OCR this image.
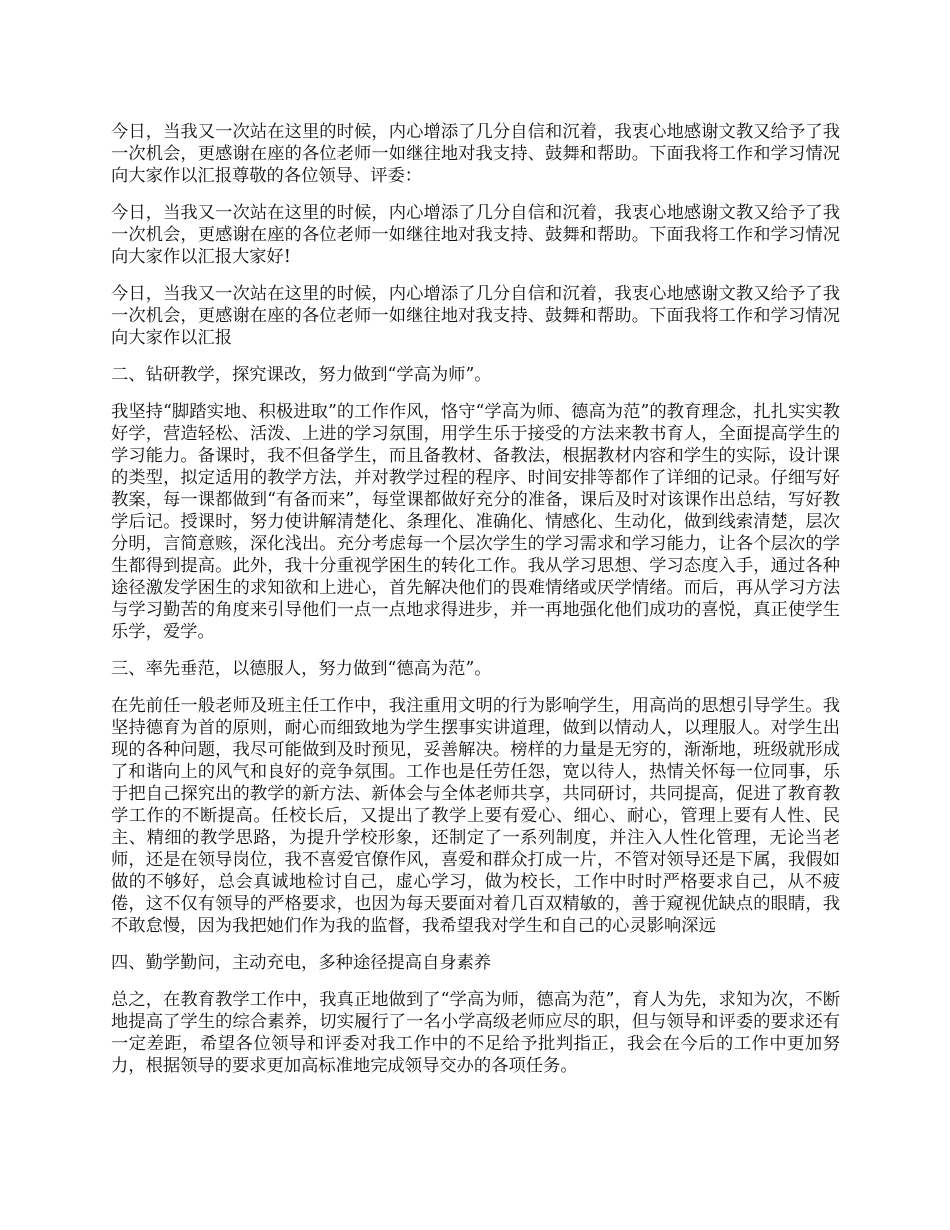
今日，当我又一次站在这里的时候，内心增添了几分自信和沉着，我衷心地感谢文教又给予了我一次机会，更感谢在座的各位老师一如继往地对我支持、鼓舞和帮助。下面我将工作和学习情况向大家作以汇报尊敬的各位领导、评委：

今日，当我又一次站在这里的时候，内心增添了几分自信和沉着，我衷心地感谢文教又给予了我一次机会，更感谢在座的各位老师一如继往地对我支持、鼓舞和帮助。下面我将工作和学习情况向大家作以汇报大家好!

今日，当我又一次站在这里的时候，内心增添了几分自信和沉着，我衷心地感谢文教又给予了我一次机会，更感谢在座的各位老师一如继往地对我支持、鼓舞和帮助。下面我将工作和学习情况向大家作以汇报

二、钻研教学，探究课改，努力做到“学高为师”。

我坚持“脚踏实地、积极进取”的工作作风，恪守“学高为师、德高为范”的教育理念，扎扎实实教好学，营造轻松、活泼、上进的学习氛围，用学生乐于接受的方法来教书育人，全面提高学生的学习能力。备课时，我不但备学生，而且备教材、备教法，根据教材内容和学生的实际，设计课的类型，拟定适用的教学方法，并对教学过程的程序、时间安排等都作了详细的记录。仔细写好教案，每一课都做到“有备而来”，每堂课都做好充分的准备，课后及时对该课作出总结，写好教学后记。授课时，努力使讲解清楚化、条理化、准确化、情感化、生动化，做到线索清楚，层次分明，言简意赅，深化浅出。充分考虑每一个层次学生的学习需求和学习能力，让各个层次的学生都得到提高。此外，我十分重视学困生的转化工作。我从学习思想、学习态度入手，通过各种途径激发学困生的求知欲和上进心，首先解决他们的畏难情绪或厌学情绪。而后，再从学习方法与学习勤苦的角度来引导他们一点一点地求得进步，并一再地强化他们成功的喜悦，真正使学生乐学，爱学。

三、率先垂范，以德服人，努力做到“德高为范”。

在先前任一般老师及班主任工作中，我注重用文明的行为影响学生，用高尚的思想引导学生。我坚持德育为首的原则，耐心而细致地为学生摆事实讲道理，做到以情动人，以理服人。对学生出现的各种问题，我尽可能做到及时预见，妥善解决。榜样的力量是无穷的，渐渐地，班级就形成了和谐向上的风气和良好的竞争氛围。工作也是任劳任怨，宽以待人，热情关怀每一位同事，乐于把自己探究出的教学的新方法、新体会与全体老师共享，共同研讨，共同提高，促进了教育教学工作的不断提高。任校长后，又提出了教学上要有爱心、细心、耐心，管理上要有人性、民主、精细的教学思路，为提升学校形象，还制定了一系列制度，并注入人性化管理，无论当老师，还是在领导岗位，我不喜爱官僚作风，喜爱和群众打成一片，不管对领导还是下属，我假如做的不够好，总会真诚地检讨自己，虚心学习，做为校长，工作中时时严格要求自己，从不疲倦，这不仅有领导的严格要求，也因为每天要面对着几百双精敏的，善于窥视优缺点的眼睛，我不敢怠慢，因为我把她们作为我的监督，我希望我对学生和自己的心灵影响深远

四、勤学勤问，主动充电，多种途径提高自身素养

总之，在教育教学工作中，我真正地做到了“学高为师，德高为范”，育人为先，求知为次，不断地提高了学生的综合素养，切实履行了一名小学高级老师应尽的职，但与领导和评委的要求还有一定差距，希望各位领导和评委对我工作中的不足给予批判指正，我会在今后的工作中更加努力，根据领导的要求更加高标准地完成领导交办的各项任务。
